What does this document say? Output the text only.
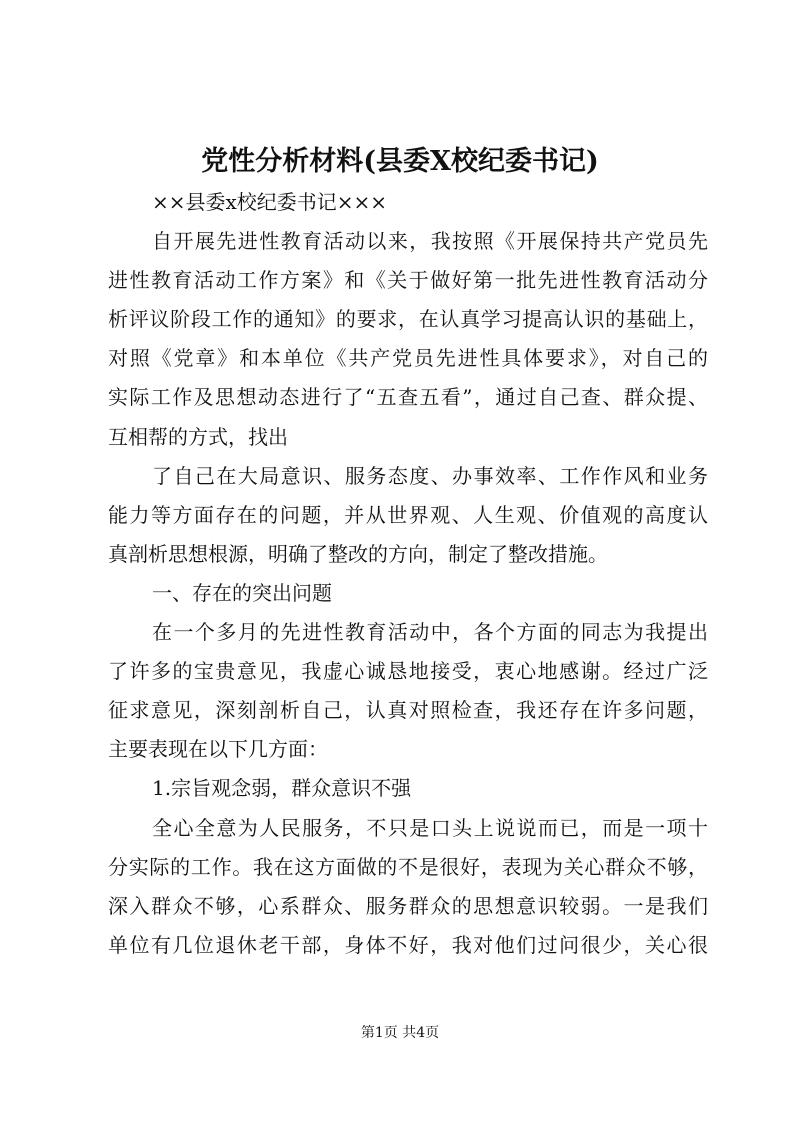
党性分析材料(县委X校纪委书记)
××县委x校纪委书记×××
自开展先进性教育活动以来，我按照《开展保持共产党员先
进性教育活动工作方案》和《关于做好第一批先进性教育活动分
析评议阶段工作的通知》的要求，在认真学习提高认识的基础上，
对照《党章》和本单位《共产党员先进性具体要求》，对自己的
实际工作及思想动态进行了“五查五看”，通过自己查、群众提、
互相帮的方式，找出
了自己在大局意识、服务态度、办事效率、工作作风和业务
能力等方面存在的问题，并从世界观、人生观、价值观的高度认
真剖析思想根源，明确了整改的方向，制定了整改措施。
一、存在的突出问题
在一个多月的先进性教育活动中，各个方面的同志为我提出
了许多的宝贵意见，我虚心诚恳地接受，衷心地感谢。经过广泛
征求意见，深刻剖析自己，认真对照检查，我还存在许多问题，
主要表现在以下几方面：
1.宗旨观念弱，群众意识不强
全心全意为人民服务，不只是口头上说说而已，而是一项十
分实际的工作。我在这方面做的不是很好，表现为关心群众不够，
深入群众不够，心系群众、服务群众的思想意识较弱。一是我们
单位有几位退休老干部，身体不好，我对他们过问很少，关心很
第1页 共4页
